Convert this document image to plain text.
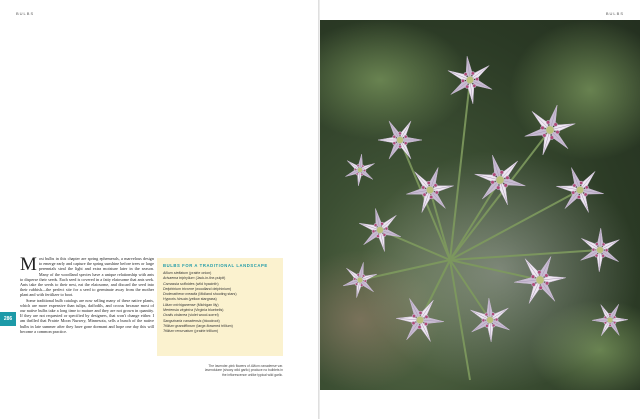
BULBS

Most bulbs in this chapter are spring ephemerals, a marvelous design to emerge early and capture the spring sunshine before trees or large perennials steal the light and extra moisture later in the season. Many of the woodland species have a unique relationship with ants to disperse their seeds. Each seed is covered in a fatty elaiosome that ants seek. Ants take the seeds to their nest, eat the elaiosome, and discard the seed into their rubbish—the perfect site for a seed to germinate away from the mother plant and with fertilizer to boot.

Some traditional bulb catalogs are now selling many of these native plants, which are more expensive than tulips, daffodils, and crocus because most of our native bulbs take a long time to mature and they are not grown in quantity. If they are not requested or specified by designers, that won't change either. I am thrilled that Prairie Moon Nursery, Minnesota, sells a bunch of the native bulbs in late summer after they have gone dormant and hope one day this will become a common practice.

286
BULBS FOR A TRADITIONAL LANDSCAPE
Allium stellatum (prairie onion)
Arisaema triphyllum (Jack-in-the-pulpit)
Camassia scilloides (wild hyacinth)
Delphinium tricorne (woodland delphinium)
Dodecatheon meadia (Midland shooting stars)
Hypoxis hirsuta (yellow stargrass)
Lilium michiganense (Michigan lily)
Mertensia virginica (Virginia bluebells)
Oxalis violacea (violet wood-sorrel)
Sanguinaria canadensis (bloodroot)
Trillium grandiflorum (large-flowered trillium)
Trillium recurvatum (prairie trillium)
The lavender-pink flowers of Allium canadense var. lavendulare (showy wild garlic) produce no bulblets in the inflorescence unlike typical wild garlic.
BULBS
